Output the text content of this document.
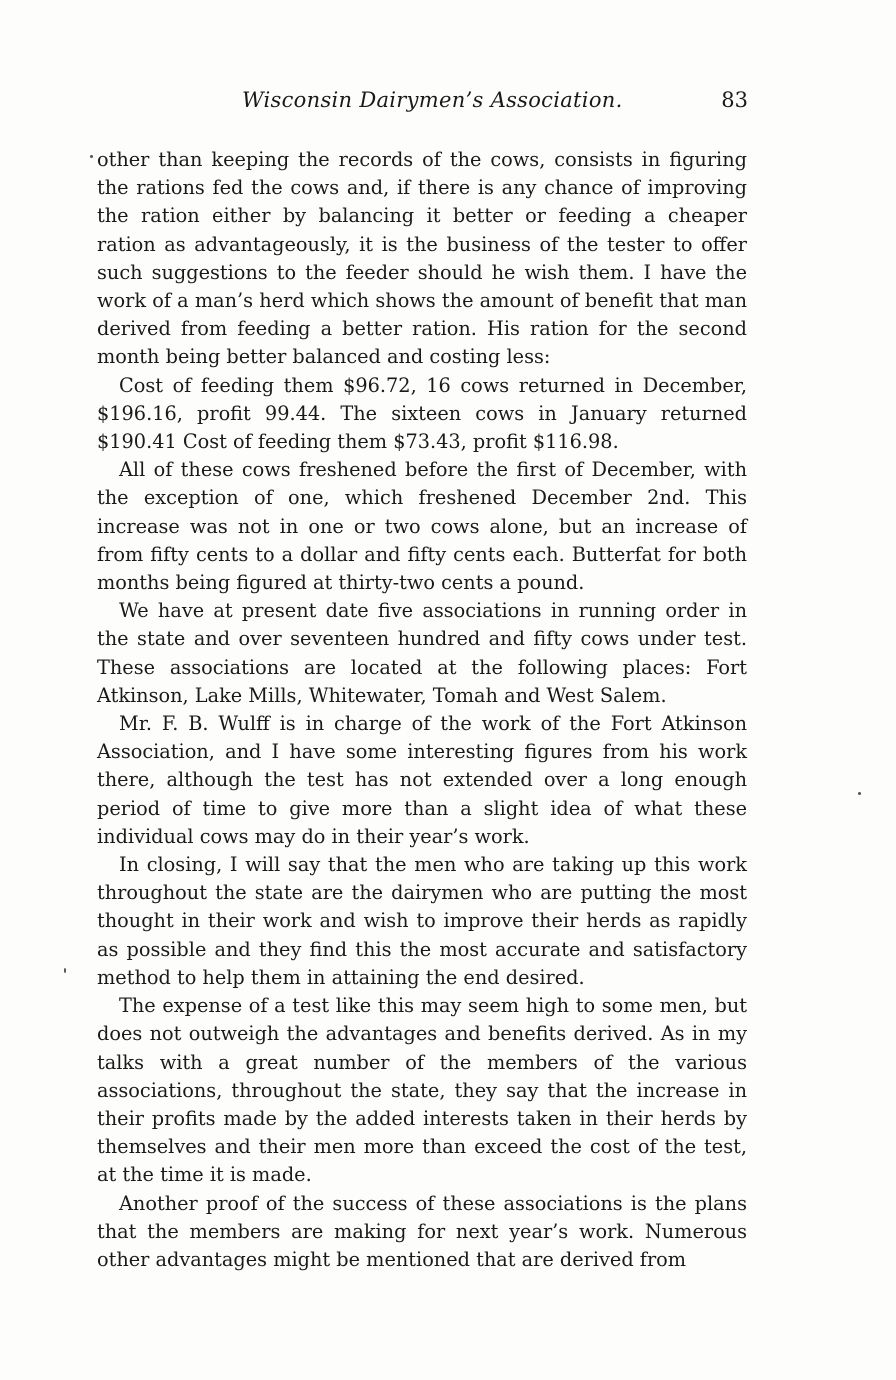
Wisconsin Dairymen’s Association.	83

other than keeping the records of the cows, consists in figuring the rations fed the cows and, if there is any chance of improving the ration either by balancing it better or feeding a cheaper ration as advantageously, it is the business of the tester to offer such suggestions to the feeder should he wish them. I have the work of a man’s herd which shows the amount of benefit that man derived from feeding a better ration. His ration for the second month being better balanced and costing less:

Cost of feeding them $96.72, 16 cows returned in December, $196.16, profit 99.44. The sixteen cows in January returned $190.41 Cost of feeding them $73.43, profit $116.98.

All of these cows freshened before the first of December, with the exception of one, which freshened December 2nd. This increase was not in one or two cows alone, but an increase of from fifty cents to a dollar and fifty cents each. Butterfat for both months being figured at thirty-two cents a pound.

We have at present date five associations in running order in the state and over seventeen hundred and fifty cows under test. These associations are located at the following places: Fort Atkinson, Lake Mills, Whitewater, Tomah and West Salem.

Mr. F. B. Wulff is in charge of the work of the Fort Atkinson Association, and I have some interesting figures from his work there, although the test has not extended over a long enough period of time to give more than a slight idea of what these individual cows may do in their year’s work.

In closing, I will say that the men who are taking up this work throughout the state are the dairymen who are putting the most thought in their work and wish to improve their herds as rapidly as possible and they find this the most accurate and satisfactory method to help them in attaining the end desired.

The expense of a test like this may seem high to some men, but does not outweigh the advantages and benefits derived. As in my talks with a great number of the members of the various associations, throughout the state, they say that the increase in their profits made by the added interests taken in their herds by themselves and their men more than exceed the cost of the test, at the time it is made.

Another proof of the success of these associations is the plans that the members are making for next year’s work. Numerous other advantages might be mentioned that are derived from
